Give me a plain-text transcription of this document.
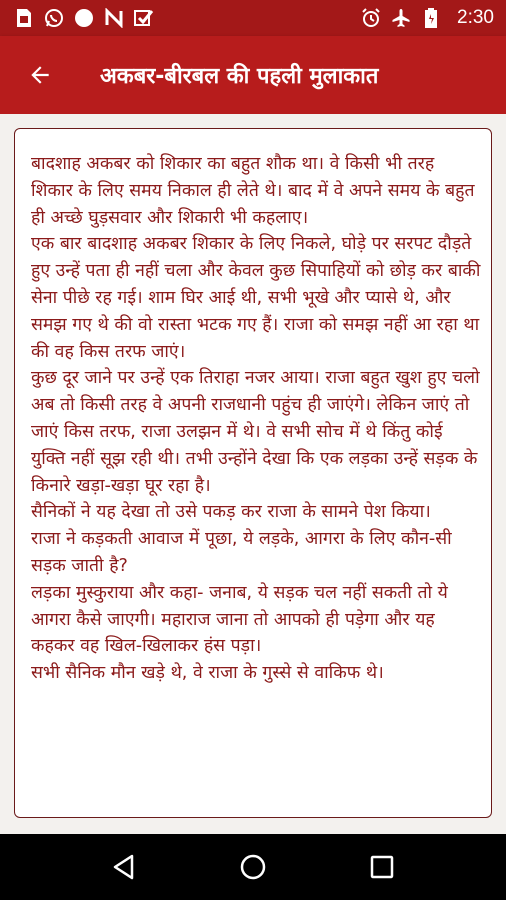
2:30
अकबर-बीरबल की पहली मुलाकात

बादशाह अकबर को शिकार का बहुत शौक था। वे किसी भी तरह शिकार के लिए समय निकाल ही लेते थे। बाद में वे अपने समय के बहुत ही अच्छे घुड़सवार और शिकारी भी कहलाए।

एक बार बादशाह अकबर शिकार के लिए निकले, घोड़े पर सरपट दौड़ते हुए उन्हें पता ही नहीं चला और केवल कुछ सिपाहियों को छोड़ कर बाकी सेना पीछे रह गई। शाम घिर आई थी, सभी भूखे और प्यासे थे, और समझ गए थे की वो रास्ता भटक गए हैं। राजा को समझ नहीं आ रहा था की वह किस तरफ जाएं।

कुछ दूर जाने पर उन्हें एक तिराहा नजर आया। राजा बहुत खुश हुए चलो अब तो किसी तरह वे अपनी राजधानी पहुंच ही जाएंगे। लेकिन जाएं तो जाएं किस तरफ, राजा उलझन में थे। वे सभी सोच में थे किंतु कोई युक्ति नहीं सूझ रही थी। तभी उन्होंने देखा कि एक लड़का उन्हें सड़क के किनारे खड़ा-खड़ा घूर रहा है।

सैनिकों ने यह देखा तो उसे पकड़ कर राजा के सामने पेश किया।

राजा ने कड़कती आवाज में पूछा, ये लड़के, आगरा के लिए कौन-सी सड़क जाती है?

लड़का मुस्कुराया और कहा- जनाब, ये सड़क चल नहीं सकती तो ये आगरा कैसे जाएगी। महाराज जाना तो आपको ही पड़ेगा और यह कहकर वह खिल-खिलाकर हंस पड़ा।

सभी सैनिक मौन खड़े थे, वे राजा के गुस्से से वाकिफ थे।
